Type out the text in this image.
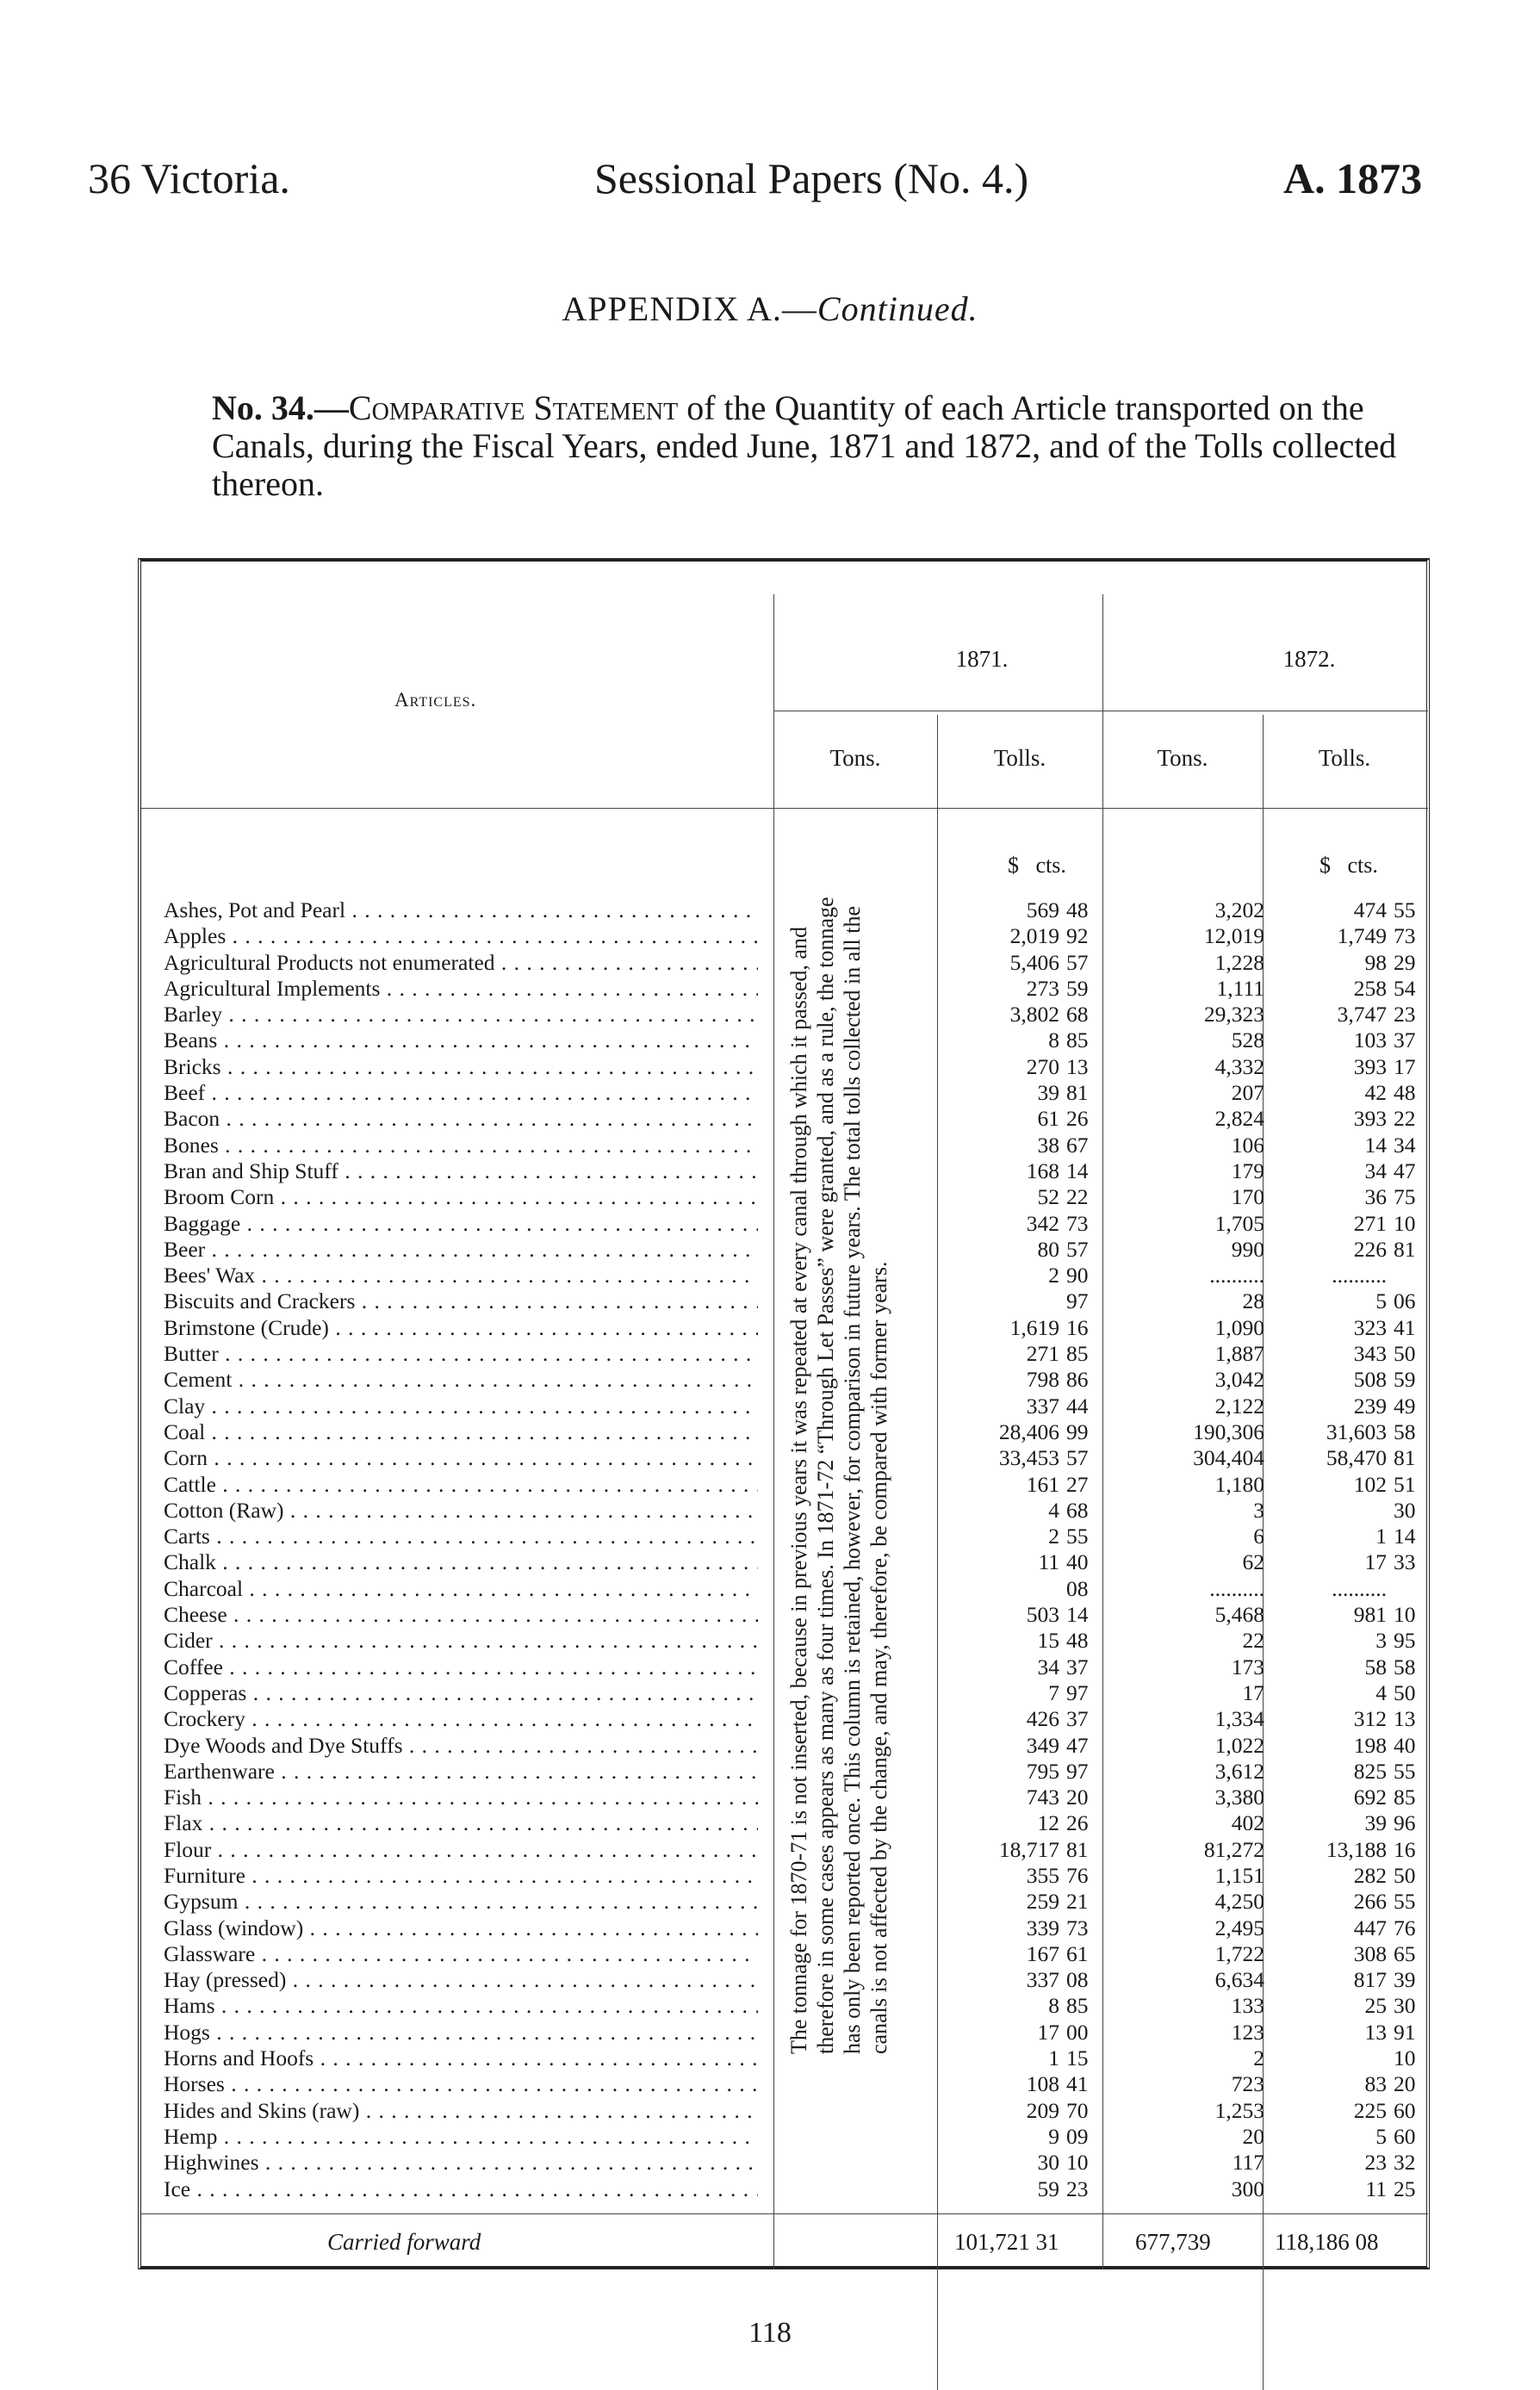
36 Victoria.	Sessional Papers (No. 4.)	A. 1873
APPENDIX A.—Continued.
No. 34.—Comparative Statement of the Quantity of each Article transported on the Canals, during the Fiscal Years, ended June, 1871 and 1872, and of the Tolls collected thereon.
Articles.
1871.	1872.
Tons.	Tolls.	Tons.	Tolls.
$ cts.	$ cts.
The tonnage for 1870-71 is not inserted, because in previous years it was repeated at every canal through which it passed, and therefore in some cases appears as many as four times. In 1871-72 “Through Let Passes” were granted, and as a rule, the tonnage has only been reported once. This column is retained, however, for comparison in future years. The total tolls collected in all the canals is not affected by the change, and may, therefore, be compared with former years.
Ashes, Pot and Pearl . . .	569 48	3,202	474 55
Apples . . .	2,019 92	12,019	1,749 73
Agricultural Products not enumerated . . .	5,406 57	1,228	98 29
Agricultural Implements . . .	273 59	1,111	258 54
Barley . . .	3,802 68	29,323	3,747 23
Beans . . .	8 85	528	103 37
Bricks . . .	270 13	4,332	393 17
Beef . . .	39 81	207	42 48
Bacon . . .	61 26	2,824	393 22
Bones . . .	38 67	106	14 34
Bran and Ship Stuff . . .	168 14	179	34 47
Broom Corn . . .	52 22	170	36 75
Baggage . . .	342 73	1,705	271 10
Beer . . .	80 57	990	226 81
Bees' Wax . . .	2 90	..........	..........
Biscuits and Crackers . . .	97	28	5 06
Brimstone (Crude) . . .	1,619 16	1,090	323 41
Butter . . .	271 85	1,887	343 50
Cement . . .	798 86	3,042	508 59
Clay . . .	337 44	2,122	239 49
Coal . . .	28,406 99	190,306	31,603 58
Corn . . .	33,453 57	304,404	58,470 81
Cattle . . .	161 27	1,180	102 51
Cotton (Raw) . . .	4 68	3	30
Carts . . .	2 55	6	1 14
Chalk . . .	11 40	62	17 33
Charcoal . . .	08	..........	..........
Cheese . . .	503 14	5,468	981 10
Cider . . .	15 48	22	3 95
Coffee . . .	34 37	173	58 58
Copperas . . .	7 97	17	4 50
Crockery . . .	426 37	1,334	312 13
Dye Woods and Dye Stuffs . . .	349 47	1,022	198 40
Earthenware . . .	795 97	3,612	825 55
Fish . . .	743 20	3,380	692 85
Flax . . .	12 26	402	39 96
Flour . . .	18,717 81	81,272	13,188 16
Furniture . . .	355 76	1,151	282 50
Gypsum . . .	259 21	4,250	266 55
Glass (window) . . .	339 73	2,495	447 76
Glassware . . .	167 61	1,722	308 65
Hay (pressed) . . .	337 08	6,634	817 39
Hams . . .	8 85	133	25 30
Hogs . . .	17 00	123	13 91
Horns and Hoofs . . .	1 15	2	10
Horses . . .	108 41	723	83 20
Hides and Skins (raw) . . .	209 70	1,253	225 60
Hemp . . .	9 09	20	5 60
Highwines . . .	30 10	117	23 32
Ice . . .	59 23	300	11 25
Carried forward	101,721 31	677,739	118,186 08
118
